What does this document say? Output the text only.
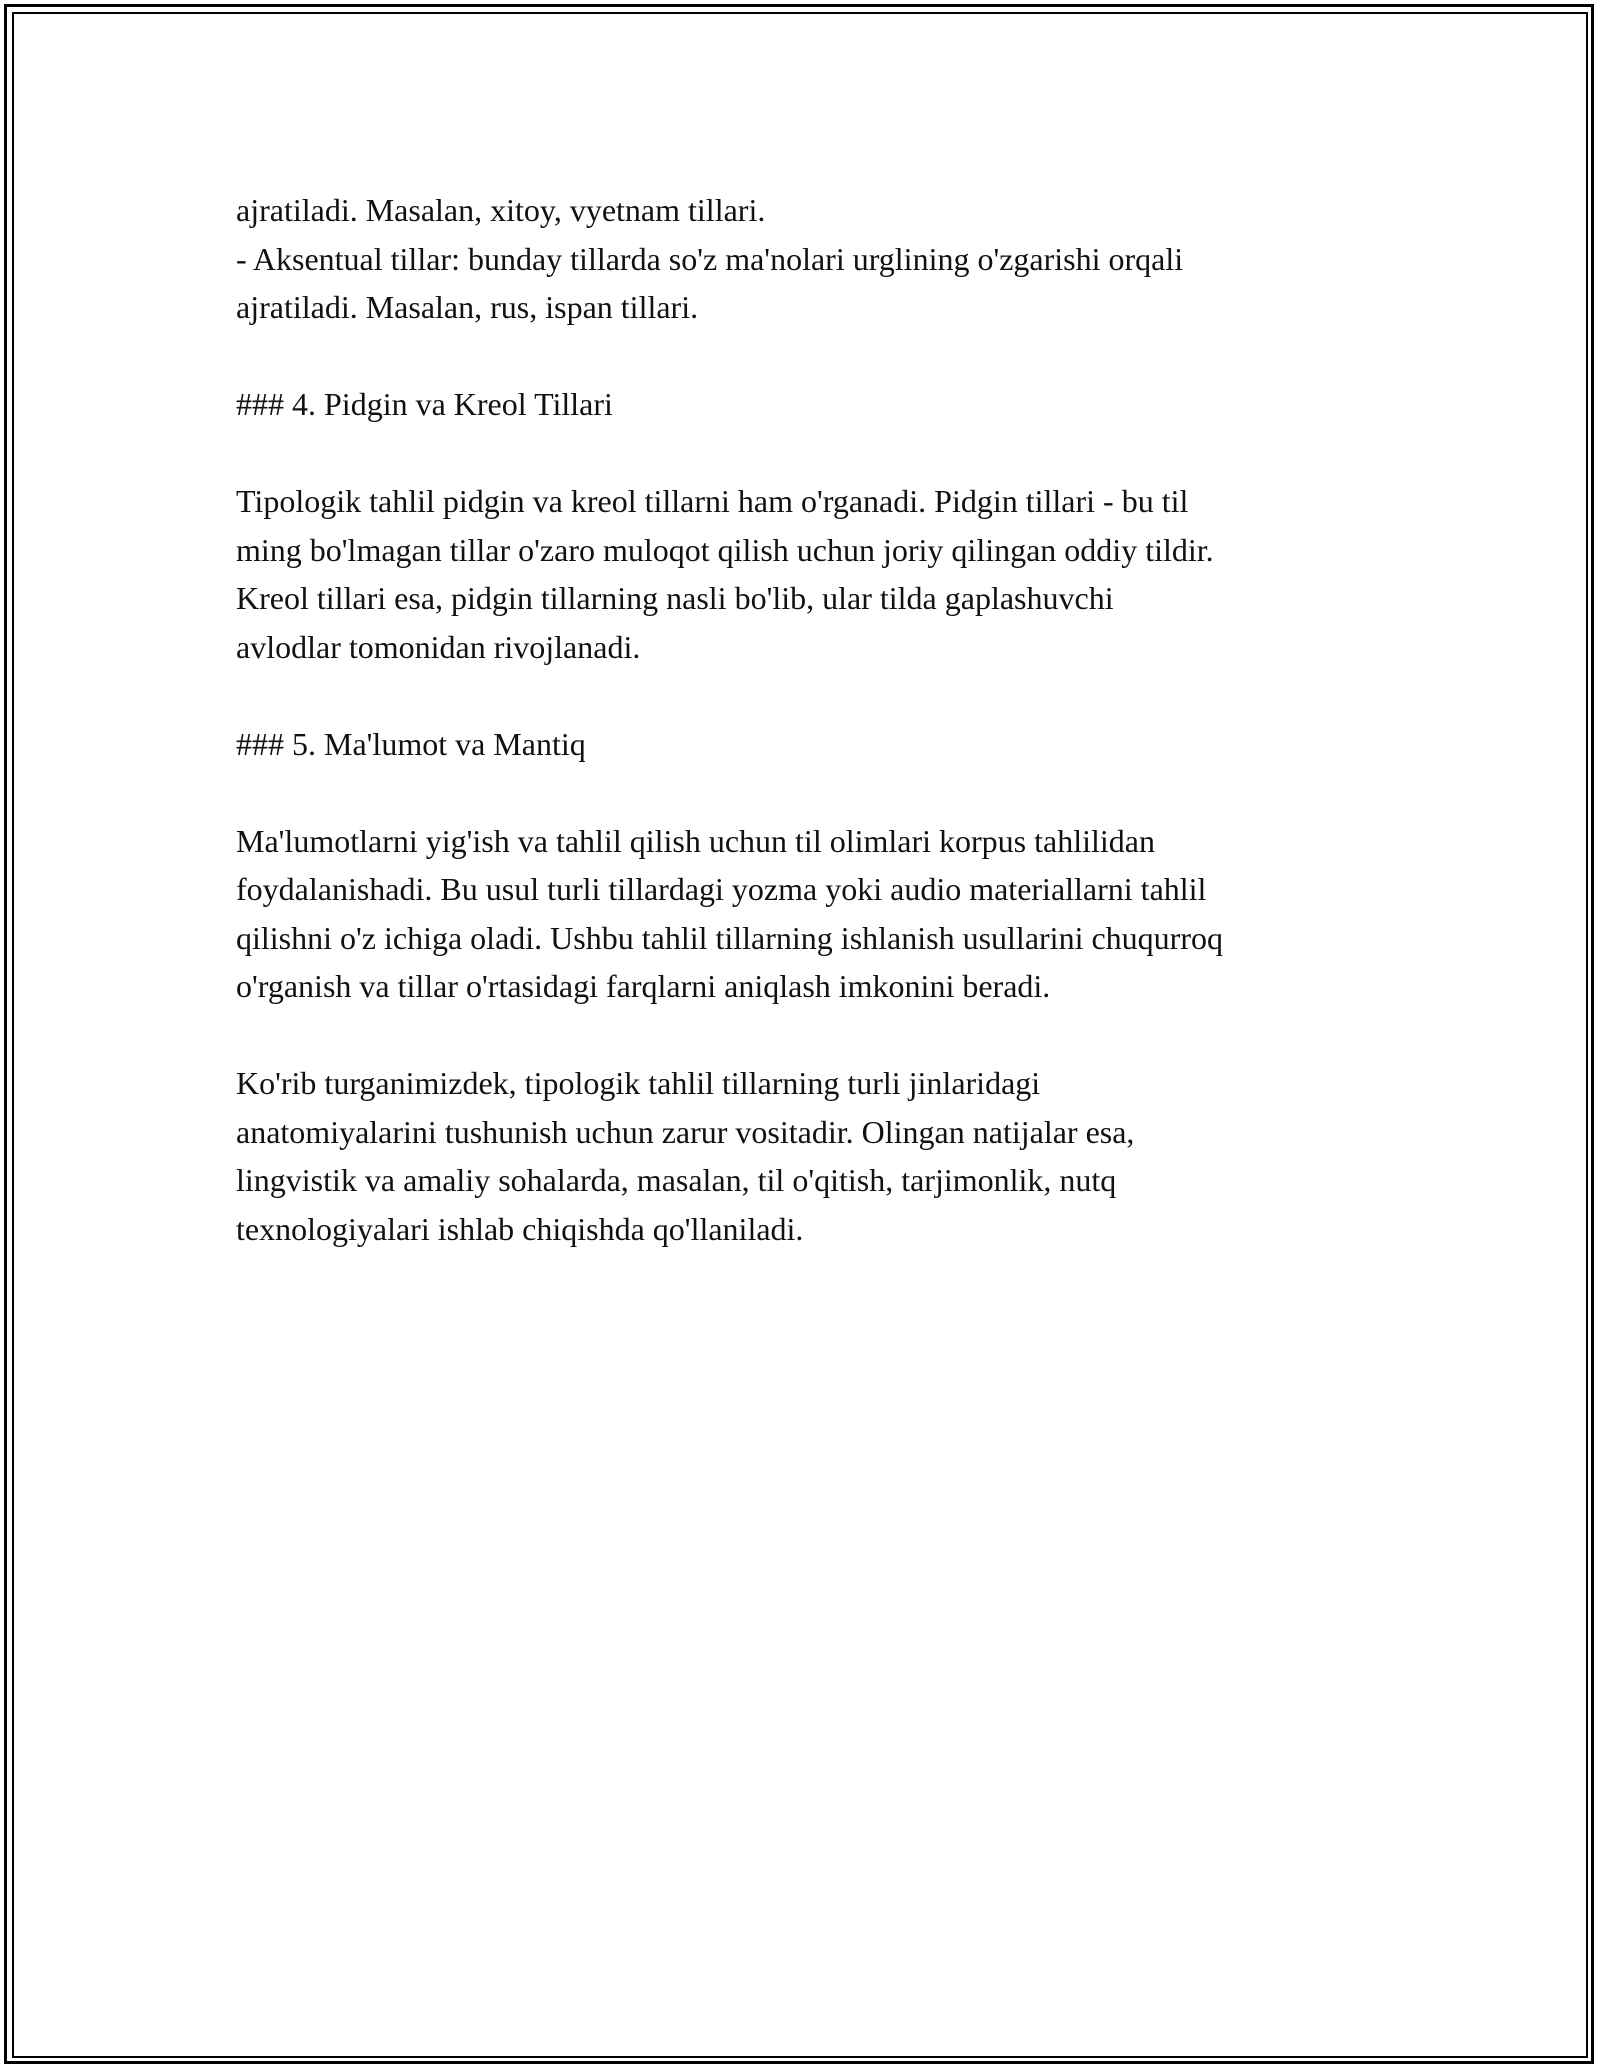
ajratiladi. Masalan, xitoy, vyetnam tillari.
- Aksentual tillar: bunday tillarda so'z ma'nolari urglining o'zgarishi orqali
ajratiladi. Masalan, rus, ispan tillari.
### 4. Pidgin va Kreol Tillari
Tipologik tahlil pidgin va kreol tillarni ham o'rganadi. Pidgin tillari - bu til
ming bo'lmagan tillar o'zaro muloqot qilish uchun joriy qilingan oddiy tildir.
Kreol tillari esa, pidgin tillarning nasli bo'lib, ular tilda gaplashuvchi
avlodlar tomonidan rivojlanadi.
### 5. Ma'lumot va Mantiq
Ma'lumotlarni yig'ish va tahlil qilish uchun til olimlari korpus tahlilidan
foydalanishadi. Bu usul turli tillardagi yozma yoki audio materiallarni tahlil
qilishni o'z ichiga oladi. Ushbu tahlil tillarning ishlanish usullarini chuqurroq
o'rganish va tillar o'rtasidagi farqlarni aniqlash imkonini beradi.
Ko'rib turganimizdek, tipologik tahlil tillarning turli jinlaridagi
anatomiyalarini tushunish uchun zarur vositadir. Olingan natijalar esa,
lingvistik va amaliy sohalarda, masalan, til o'qitish, tarjimonlik, nutq
texnologiyalari ishlab chiqishda qo'llaniladi.
